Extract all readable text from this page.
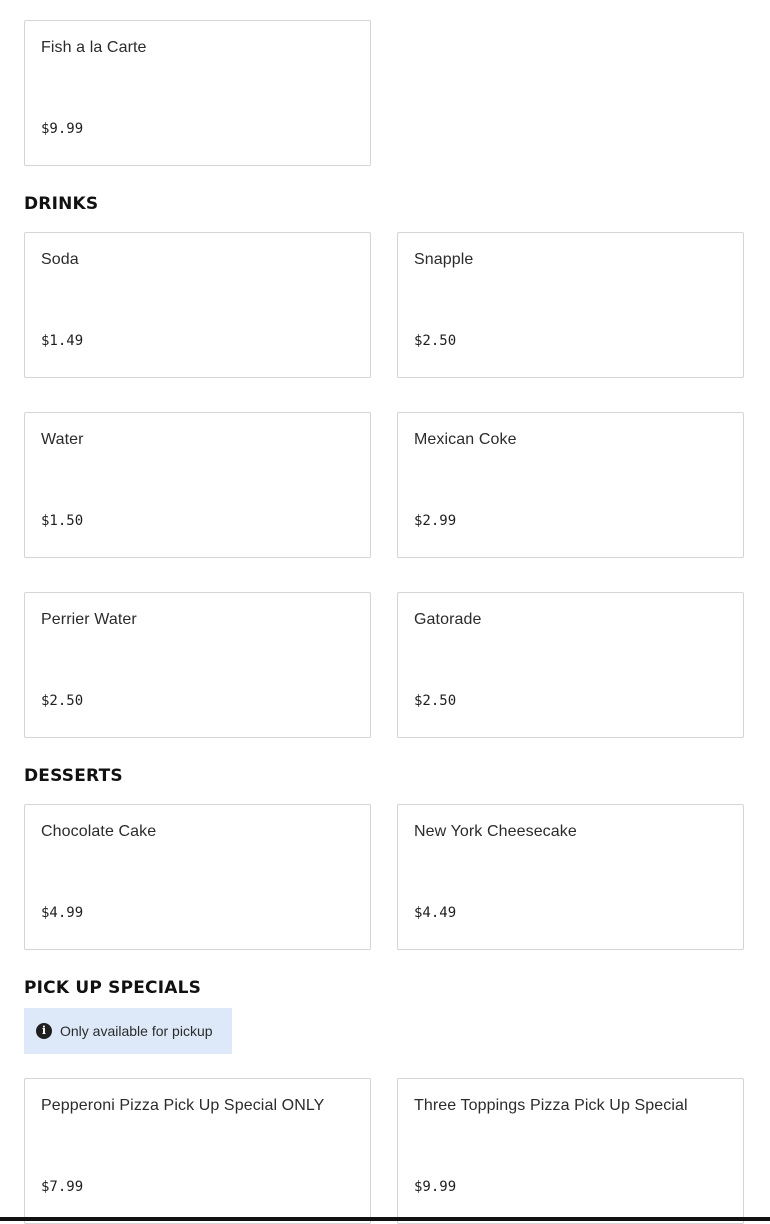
Fish a la Carte
$9.99
DRINKS
Soda
$1.49
Snapple
$2.50
Water
$1.50
Mexican Coke
$2.99
Perrier Water
$2.50
Gatorade
$2.50
DESSERTS
Chocolate Cake
$4.99
New York Cheesecake
$4.49
PICK UP SPECIALS
i Only available for pickup
Pepperoni Pizza Pick Up Special ONLY
$7.99
Three Toppings Pizza Pick Up Special
$9.99
